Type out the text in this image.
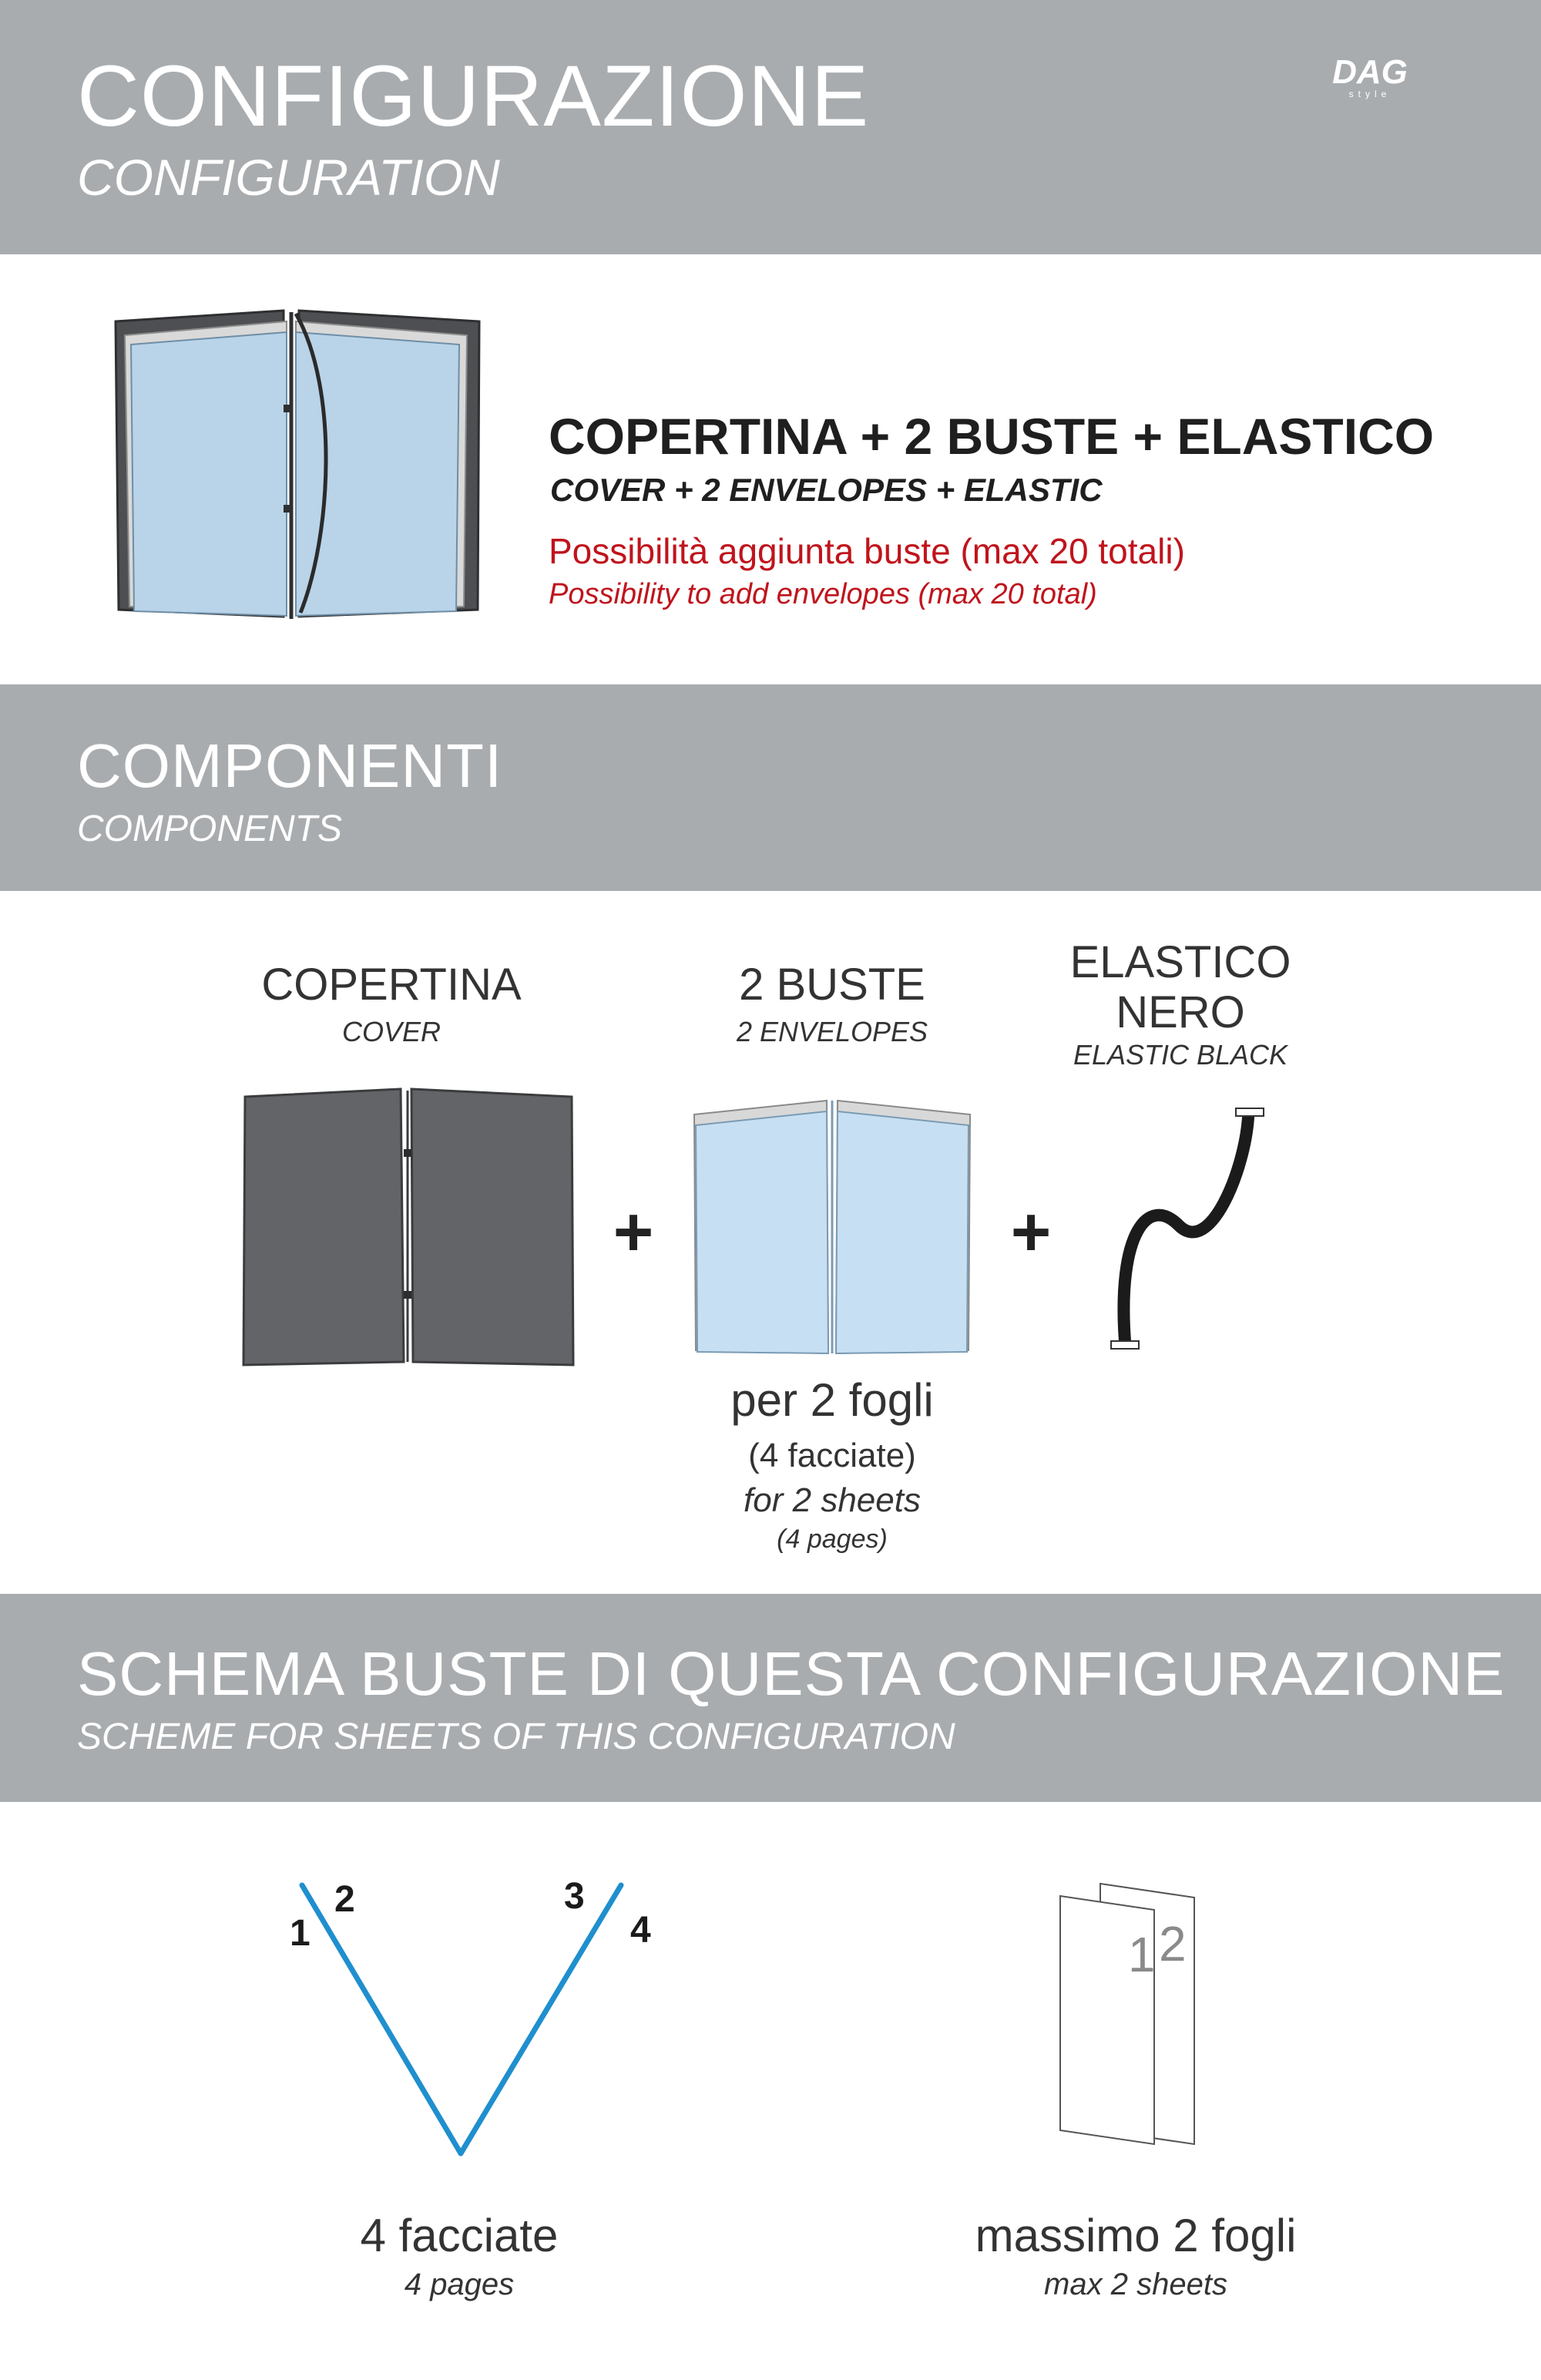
CONFIGURAZIONE
CONFIGURATION
DAG
style
COPERTINA + 2 BUSTE + ELASTICO
COVER + 2 ENVELOPES + ELASTIC
Possibilità aggiunta buste (max 20 totali)
Possibility to add envelopes (max 20 total)
COMPONENTI
COMPONENTS
COPERTINA
COVER
+
2 BUSTE
2 ENVELOPES
per 2 fogli
(4 facciate)
for 2 sheets
(4 pages)
+
ELASTICO
NERO
ELASTIC BLACK
SCHEMA BUSTE DI QUESTA CONFIGURAZIONE
SCHEME FOR SHEETS OF THIS CONFIGURATION
1
2	3
4
4 facciate
4 pages
1 2
massimo 2 fogli
max 2 sheets
